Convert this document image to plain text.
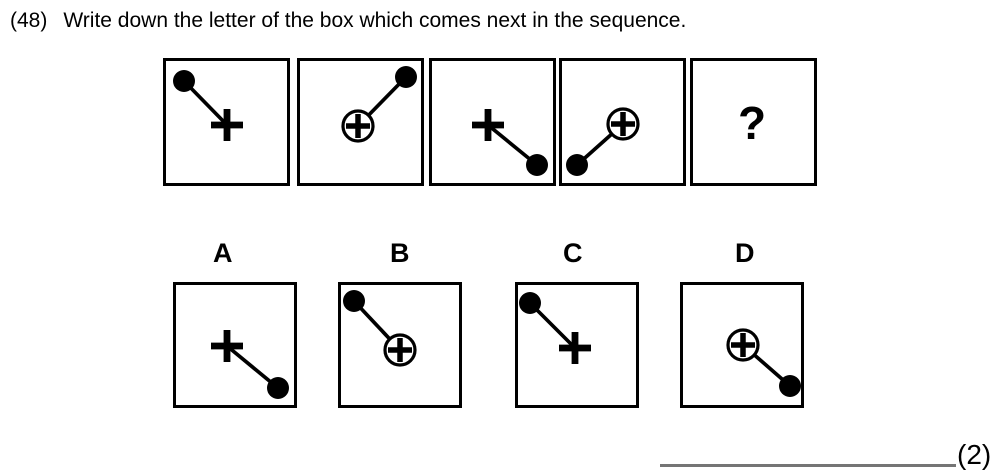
(48) Write down the letter of the box which comes next in the sequence.
?
A	B	C	D
(2)
